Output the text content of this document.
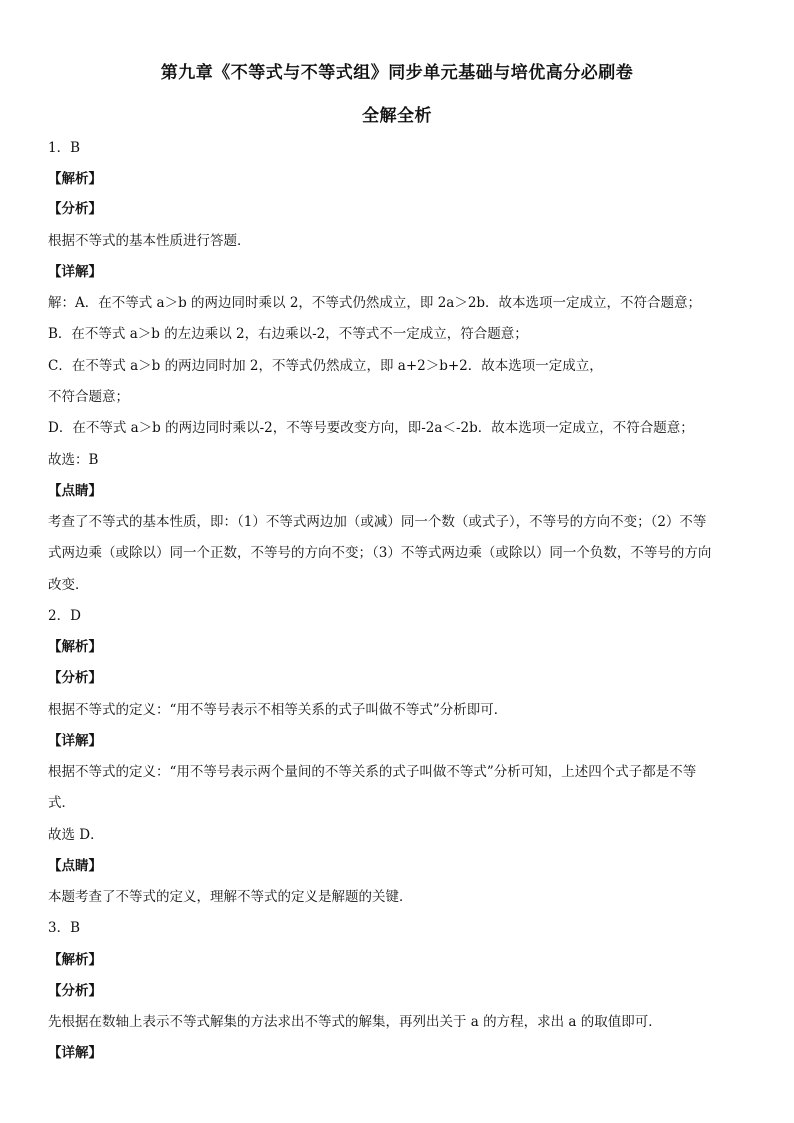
第九章《不等式与不等式组》同步单元基础与培优高分必刷卷
全解全析
1．B
【解析】
【分析】
根据不等式的基本性质进行答题．
【详解】
解：A．在不等式 a＞b 的两边同时乘以 2，不等式仍然成立，即 2a＞2b．故本选项一定成立，不符合题意；
B．在不等式 a＞b 的左边乘以 2，右边乘以-2，不等式不一定成立，符合题意；
C．在不等式 a＞b 的两边同时加 2，不等式仍然成立，即 a+2＞b+2．故本选项一定成立，
不符合题意；
D．在不等式 a＞b 的两边同时乘以-2，不等号要改变方向，即-2a＜-2b．故本选项一定成立，不符合题意；
故选：B
【点睛】
考查了不等式的基本性质，即：（1）不等式两边加（或减）同一个数（或式子），不等号的方向不变；（2）不等
式两边乘（或除以）同一个正数，不等号的方向不变；（3）不等式两边乘（或除以）同一个负数，不等号的方向
改变．
2．D
【解析】
【分析】
根据不等式的定义：“用不等号表示不相等关系的式子叫做不等式”分析即可．
【详解】
根据不等式的定义：“用不等号表示两个量间的不等关系的式子叫做不等式”分析可知，上述四个式子都是不等
式．
故选 D．
【点睛】
本题考查了不等式的定义，理解不等式的定义是解题的关键．
3．B
【解析】
【分析】
先根据在数轴上表示不等式解集的方法求出不等式的解集，再列出关于 a 的方程，求出 a 的取值即可．
【详解】
